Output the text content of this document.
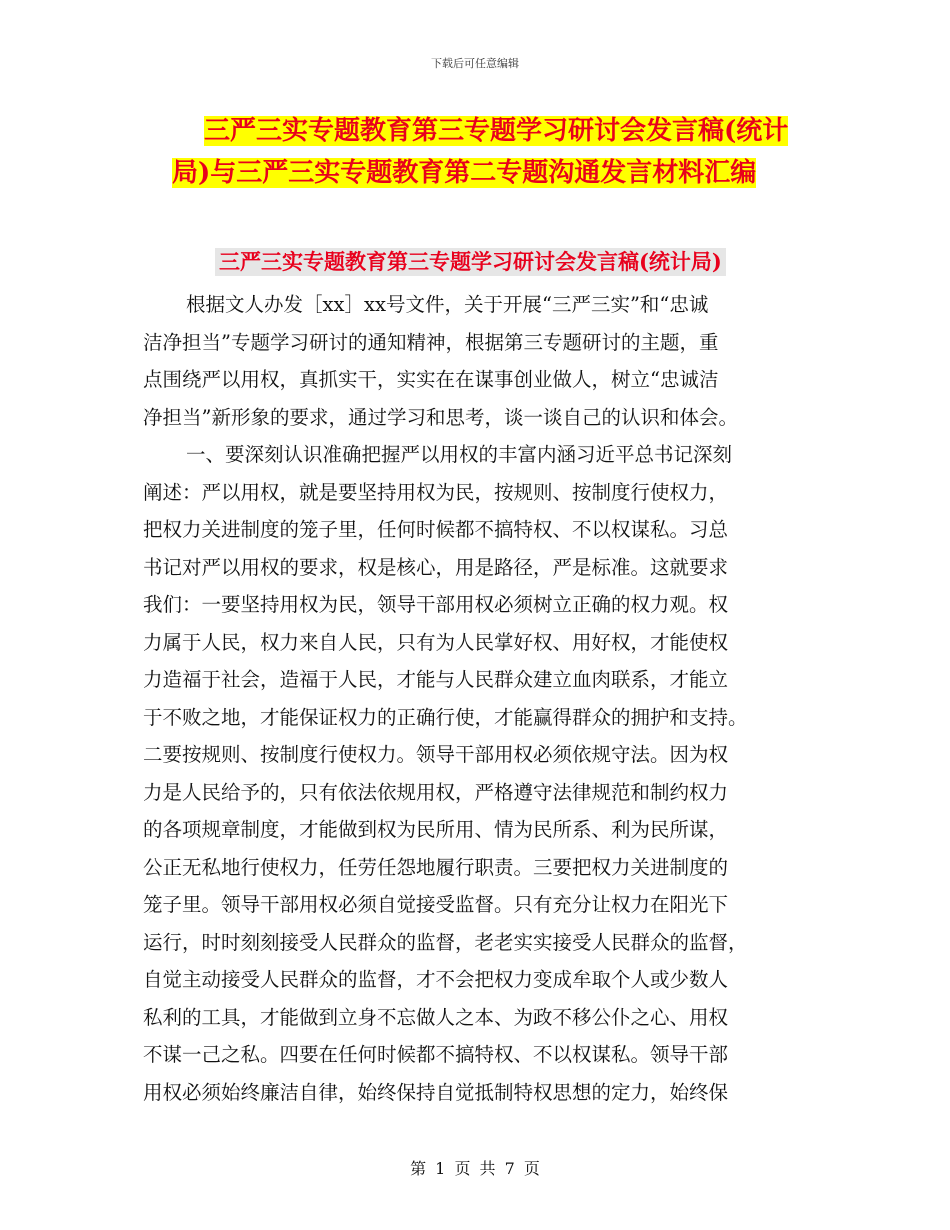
下载后可任意编辑
三严三实专题教育第三专题学习研讨会发言稿(统计
局)与三严三实专题教育第二专题沟通发言材料汇编
三严三实专题教育第三专题学习研讨会发言稿(统计局)
根据文人办发［xx］xx号文件，关于开展“三严三实”和“忠诚
洁净担当”专题学习研讨的通知精神，根据第三专题研讨的主题，重
点围绕严以用权，真抓实干，实实在在谋事创业做人，树立“忠诚洁
净担当”新形象的要求，通过学习和思考，谈一谈自己的认识和体会。
一、要深刻认识准确把握严以用权的丰富内涵习近平总书记深刻
阐述：严以用权，就是要坚持用权为民，按规则、按制度行使权力，
把权力关进制度的笼子里，任何时候都不搞特权、不以权谋私。习总
书记对严以用权的要求，权是核心，用是路径，严是标准。这就要求
我们：一要坚持用权为民，领导干部用权必须树立正确的权力观。权
力属于人民，权力来自人民，只有为人民掌好权、用好权，才能使权
力造福于社会，造福于人民，才能与人民群众建立血肉联系，才能立
于不败之地，才能保证权力的正确行使，才能赢得群众的拥护和支持。
二要按规则、按制度行使权力。领导干部用权必须依规守法。因为权
力是人民给予的，只有依法依规用权，严格遵守法律规范和制约权力
的各项规章制度，才能做到权为民所用、情为民所系、利为民所谋，
公正无私地行使权力，任劳任怨地履行职责。三要把权力关进制度的
笼子里。领导干部用权必须自觉接受监督。只有充分让权力在阳光下
运行，时时刻刻接受人民群众的监督，老老实实接受人民群众的监督，
自觉主动接受人民群众的监督，才不会把权力变成牟取个人或少数人
私利的工具，才能做到立身不忘做人之本、为政不移公仆之心、用权
不谋一己之私。四要在任何时候都不搞特权、不以权谋私。领导干部
用权必须始终廉洁自律，始终保持自觉抵制特权思想的定力，始终保
第 1 页 共 7 页
